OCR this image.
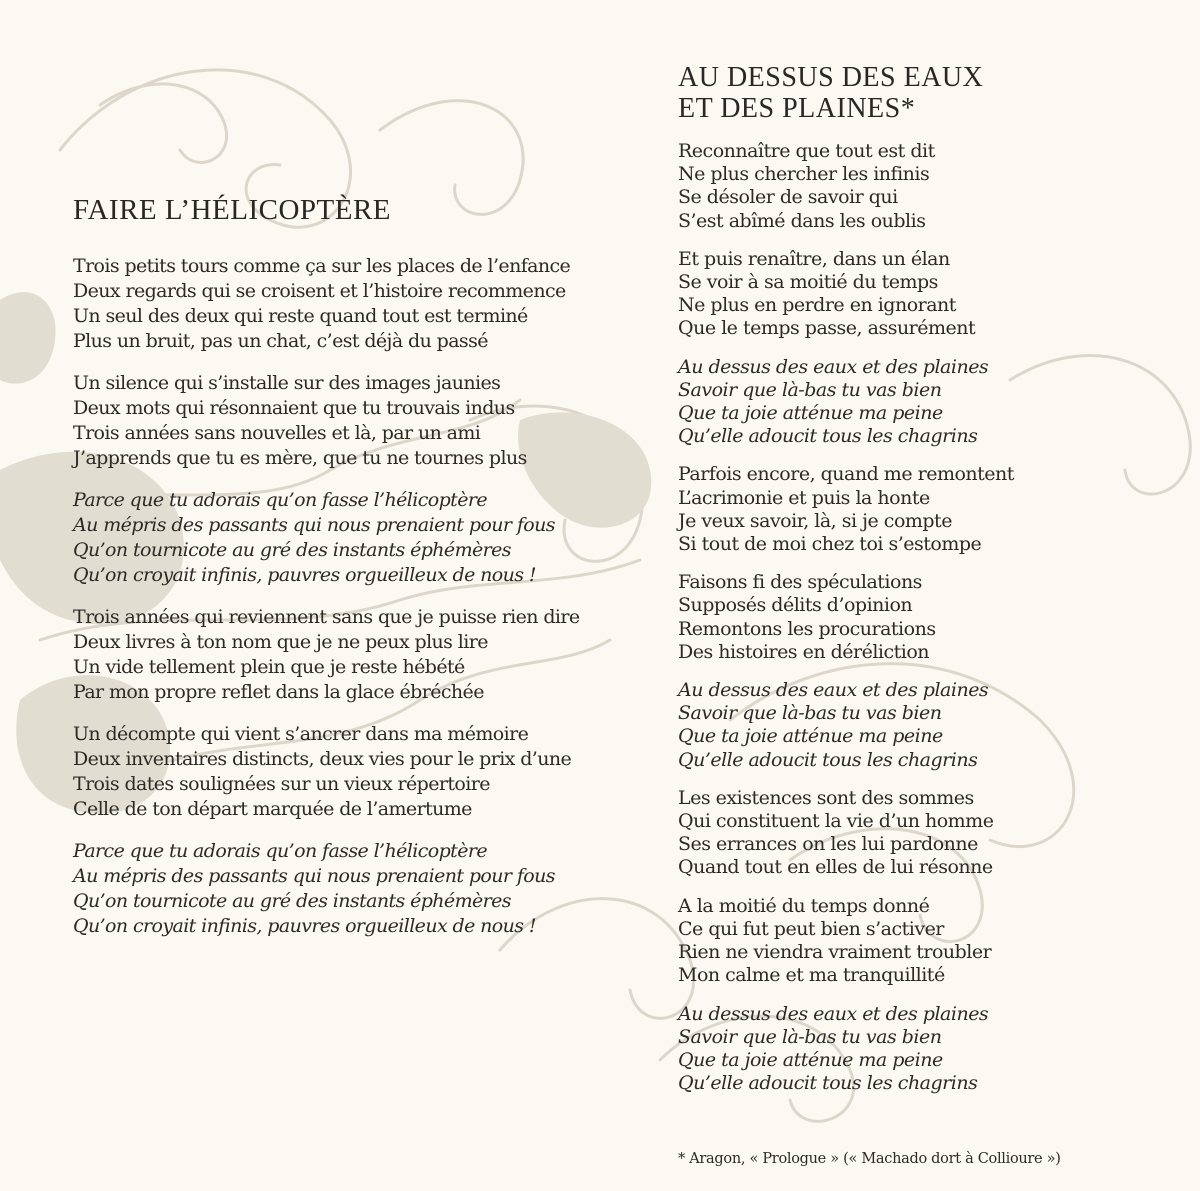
FAIRE L’HÉLICOPTÈRE
Trois petits tours comme ça sur les places de l’enfance
Deux regards qui se croisent et l’histoire recommence
Un seul des deux qui reste quand tout est terminé
Plus un bruit, pas un chat, c’est déjà du passé
Un silence qui s’installe sur des images jaunies
Deux mots qui résonnaient que tu trouvais indus
Trois années sans nouvelles et là, par un ami
J’apprends que tu es mère, que tu ne tournes plus
Parce que tu adorais qu’on fasse l’hélicoptère
Au mépris des passants qui nous prenaient pour fous
Qu’on tournicote au gré des instants éphémères
Qu’on croyait infinis, pauvres orgueilleux de nous !
Trois années qui reviennent sans que je puisse rien dire
Deux livres à ton nom que je ne peux plus lire
Un vide tellement plein que je reste hébété
Par mon propre reflet dans la glace ébréchée
Un décompte qui vient s’ancrer dans ma mémoire
Deux inventaires distincts, deux vies pour le prix d’une
Trois dates soulignées sur un vieux répertoire
Celle de ton départ marquée de l’amertume
Parce que tu adorais qu’on fasse l’hélicoptère
Au mépris des passants qui nous prenaient pour fous
Qu’on tournicote au gré des instants éphémères
Qu’on croyait infinis, pauvres orgueilleux de nous !
AU DESSUS DES EAUX
ET DES PLAINES*
Reconnaître que tout est dit
Ne plus chercher les infinis
Se désoler de savoir qui
S’est abîmé dans les oublis
Et puis renaître, dans un élan
Se voir à sa moitié du temps
Ne plus en perdre en ignorant
Que le temps passe, assurément
Au dessus des eaux et des plaines
Savoir que là-bas tu vas bien
Que ta joie atténue ma peine
Qu’elle adoucit tous les chagrins
Parfois encore, quand me remontent
L’acrimonie et puis la honte
Je veux savoir, là, si je compte
Si tout de moi chez toi s’estompe
Faisons fi des spéculations
Supposés délits d’opinion
Remontons les procurations
Des histoires en déréliction
Au dessus des eaux et des plaines
Savoir que là-bas tu vas bien
Que ta joie atténue ma peine
Qu’elle adoucit tous les chagrins
Les existences sont des sommes
Qui constituent la vie d’un homme
Ses errances on les lui pardonne
Quand tout en elles de lui résonne
A la moitié du temps donné
Ce qui fut peut bien s’activer
Rien ne viendra vraiment troubler
Mon calme et ma tranquillité
Au dessus des eaux et des plaines
Savoir que là-bas tu vas bien
Que ta joie atténue ma peine
Qu’elle adoucit tous les chagrins
* Aragon, « Prologue » (« Machado dort à Collioure »)
